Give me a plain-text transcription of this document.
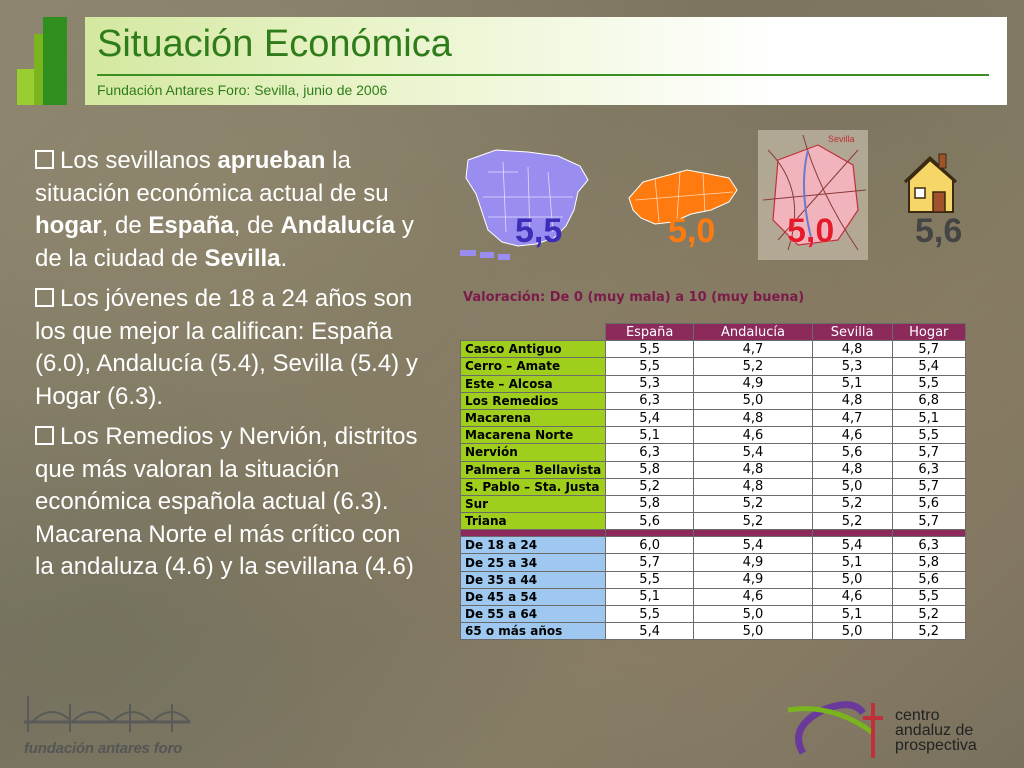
Situación Económica
Fundación Antares Foro: Sevilla, junio de 2006

Los sevillanos aprueban la situación económica actual de su hogar, de España, de Andalucía y de la ciudad de Sevilla.

Los jóvenes de 18 a 24 años son los que mejor la califican: España (6.0), Andalucía (5.4), Sevilla (5.4) y Hogar (6.3).

Los Remedios y Nervión, distritos que más valoran la situación económica española actual (6.3). Macarena Norte el más crítico con la andaluza (4.6) y la sevillana (4.6)

5,5	5,0
Sevilla
5,0 5,6
Valoración: De 0 (muy mala) a 10 (muy buena)
	España	Andalucía	Sevilla	Hogar
Casco Antiguo	5,5	4,7	4,8	5,7
Cerro – Amate	5,5	5,2	5,3	5,4
Este – Alcosa	5,3	4,9	5,1	5,5
Los Remedios	6,3	5,0	4,8	6,8
Macarena	5,4	4,8	4,7	5,1
Macarena Norte	5,1	4,6	4,6	5,5
Nervión	6,3	5,4	5,6	5,7
Palmera – Bellavista	5,8	4,8	4,8	6,3
S. Pablo – Sta. Justa	5,2	4,8	5,0	5,7
Sur	5,8	5,2	5,2	5,6
Triana	5,6	5,2	5,2	5,7

De 18 a 24	6,0	5,4	5,4	6,3
De 25 a 34	5,7	4,9	5,1	5,8
De 35 a 44	5,5	4,9	5,0	5,6
De 45 a 54	5,1	4,6	4,6	5,5
De 55 a 64	5,5	5,0	5,1	5,2
65 o más años	5,4	5,0	5,0	5,2
fundación antares foro
centro
andaluz de
prospectiva
